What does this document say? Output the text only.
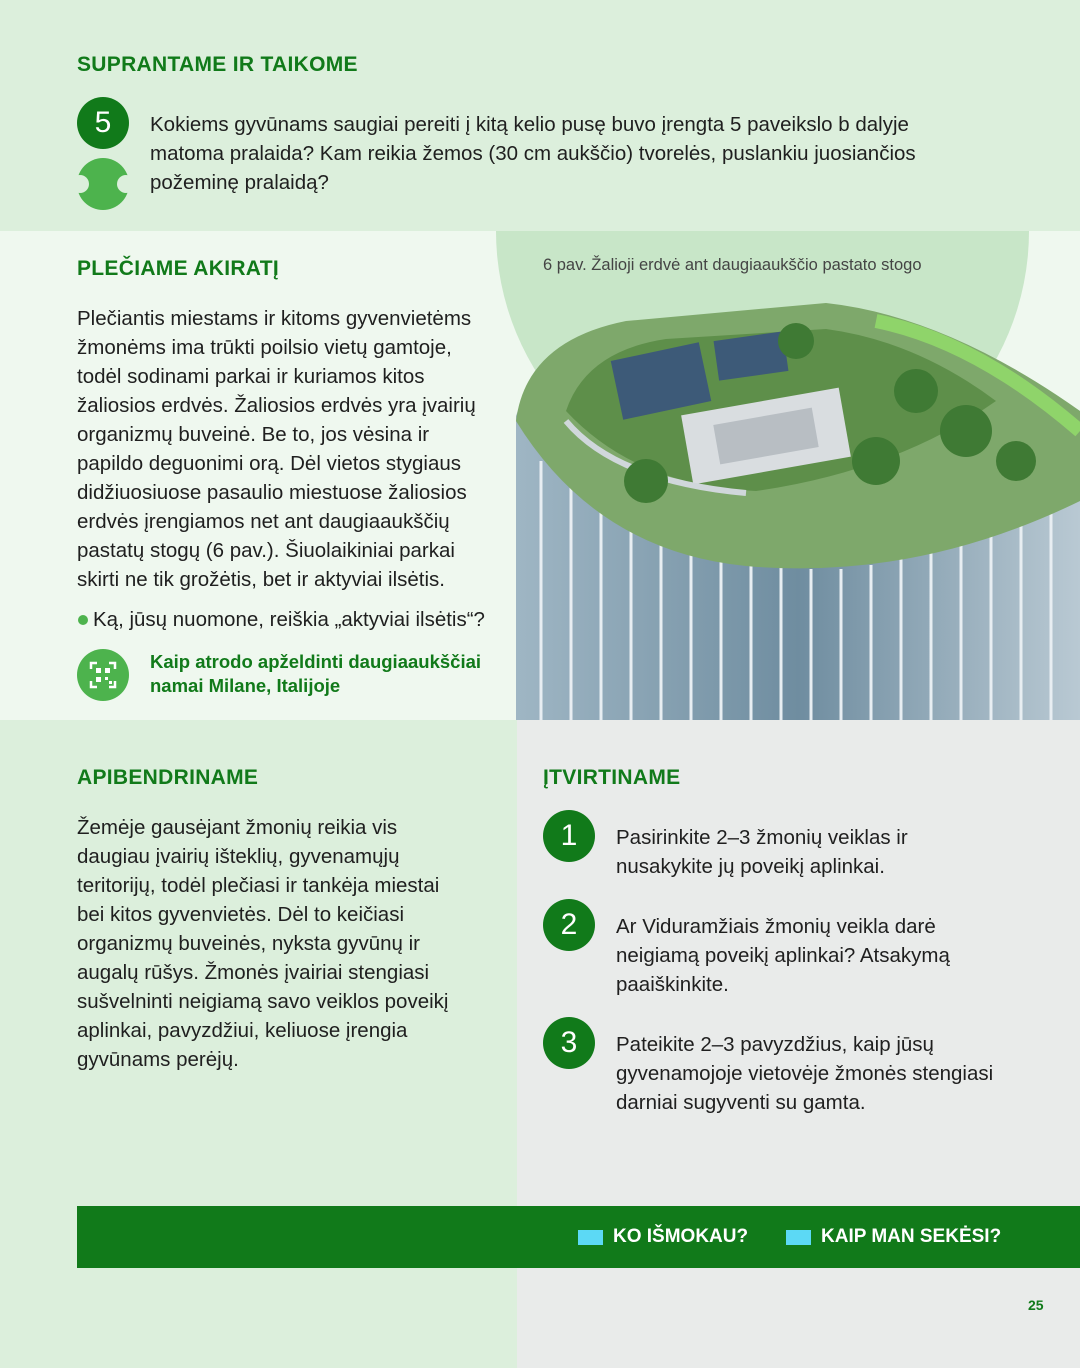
SUPRANTAME IR TAIKOME
5	Kokiems gyvūnams saugiai pereiti į kitą kelio pusę buvo įrengta 5 paveikslo b dalyje matoma pralaida? Kam reikia žemos (30 cm aukščio) tvorelės, puslankiu juosiančios požeminę pralaidą?
PLEČIAME AKIRATĮ
Plečiantis miestams ir kitoms gyvenvietėms žmonėms ima trūkti poilsio vietų gamtoje, todėl sodinami parkai ir kuriamos kitos žaliosios erdvės. Žaliosios erdvės yra įvairių organizmų buveinė. Be to, jos vėsina ir papildo deguonimi orą. Dėl vietos stygiaus didžiuosiuose pasaulio miestuose žaliosios erdvės įrengiamos net ant daugiaaukščių pastatų stogų (6 pav.). Šiuolaikiniai parkai skirti ne tik grožėtis, bet ir aktyviai ilsėtis.
Ką, jūsų nuomone, reiškia „aktyviai ilsėtis“?
Kaip atrodo apželdinti daugiaaukščiai namai Milane, Italijoje
6 pav. Žalioji erdvė ant daugiaaukščio pastato stogo
APIBENDRINAME
Žemėje gausėjant žmonių reikia vis daugiau įvairių išteklių, gyvenamųjų teritorijų, todėl plečiasi ir tankėja miestai bei kitos gyvenvietės. Dėl to keičiasi organizmų buveinės, nyksta gyvūnų ir augalų rūšys. Žmonės įvairiai stengiasi sušvelninti neigiamą savo veiklos poveikį aplinkai, pavyzdžiui, keliuose įrengia gyvūnams perėjų.
ĮTVIRTINAME
1	Pasirinkite 2–3 žmonių veiklas ir nusakykite jų poveikį aplinkai.
2	Ar Viduramžiais žmonių veikla darė neigiamą poveikį aplinkai? Atsakymą paaiškinkite.
3	Pateikite 2–3 pavyzdžius, kaip jūsų gyvenamojoje vietovėje žmonės stengiasi darniai sugyventi su gamta.
KO IŠMOKAU?	KAIP MAN SEKĖSI?
25
